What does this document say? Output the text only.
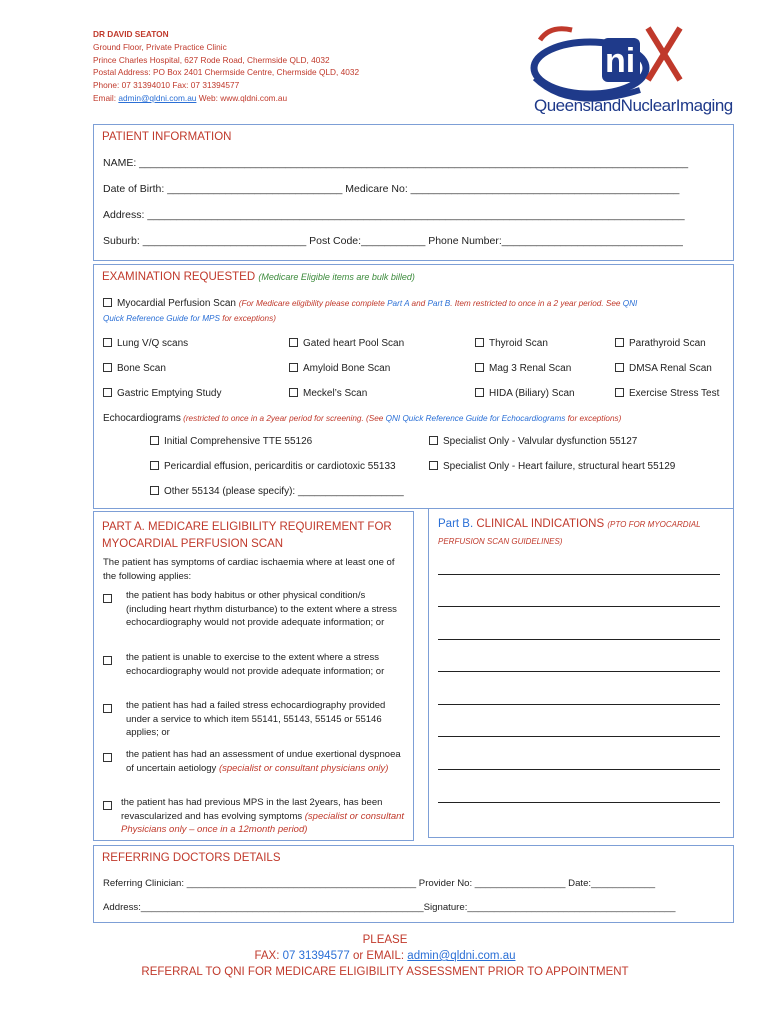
DR DAVID SEATON
Ground Floor, Private Practice Clinic
Prince Charles Hospital, 627 Rode Road, Chermside QLD, 4032
Postal Address: PO Box 2401 Chermside Centre, Chermside QLD, 4032
Phone: 07 31394010 Fax: 07 31394577
Email: admin@qldni.com.au Web: www.qldni.com.au
ni
QueenslandNuclearImaging
PATIENT INFORMATION
NAME: ______________________________________________________________________________________________
Date of Birth: ______________________________ Medicare No: ______________________________________________
Address: ____________________________________________________________________________________________
Suburb: ____________________________ Post Code:___________ Phone Number:_______________________________
EXAMINATION REQUESTED (Medicare Eligible items are bulk billed)
Myocardial Perfusion Scan (For Medicare eligibility please complete Part A and Part B. Item restricted to once in a 2 year period. See QNI
Quick Reference Guide for MPS for exceptions)
Lung V/Q scans	Gated heart Pool Scan	Thyroid Scan	Parathyroid Scan
Bone Scan	Amyloid Bone Scan	Mag 3 Renal Scan	DMSA Renal Scan
Gastric Emptying Study	Meckel’s Scan	HIDA (Biliary) Scan	Exercise Stress Test
Echocardiograms (restricted to once in a 2year period for screening. (See QNI Quick Reference Guide for Echocardiograms for exceptions)
Initial Comprehensive TTE 55126	Specialist Only - Valvular dysfunction 55127
Pericardial effusion, pericarditis or cardiotoxic 55133	Specialist Only - Heart failure, structural heart 55129
Other 55134 (please specify): ___________________
PART A. MEDICARE ELIGIBILITY REQUIREMENT FOR
MYOCARDIAL PERFUSION SCAN
The patient has symptoms of cardiac ischaemia where at least one of the following applies:
the patient has body habitus or other physical condition/s (including heart rhythm disturbance) to the extent where a stress echocardiography would not provide adequate information; or
the patient is unable to exercise to the extent where a stress echocardiography would not provide adequate information; or
the patient has had a failed stress echocardiography provided under a service to which item 55141, 55143, 55145 or 55146 applies; or
the patient has had an assessment of undue exertional dyspnoea of uncertain aetiology (specialist or consultant physicians only)
the patient has had previous MPS in the last 2years, has been revascularized and has evolving symptoms (specialist or consultant Physicians only – once in a 12month period)
Part B. CLINICAL INDICATIONS (PTO FOR MYOCARDIAL PERFUSION SCAN GUIDELINES)
REFERRING DOCTORS DETAILS
Referring Clinician: ___________________________________________ Provider No: _________________ Date:____________
Address:_____________________________________________________Signature:_______________________________________
PLEASE
FAX: 07 31394577 or EMAIL: admin@qldni.com.au
REFERRAL TO QNI FOR MEDICARE ELIGIBILITY ASSESSMENT PRIOR TO APPOINTMENT
